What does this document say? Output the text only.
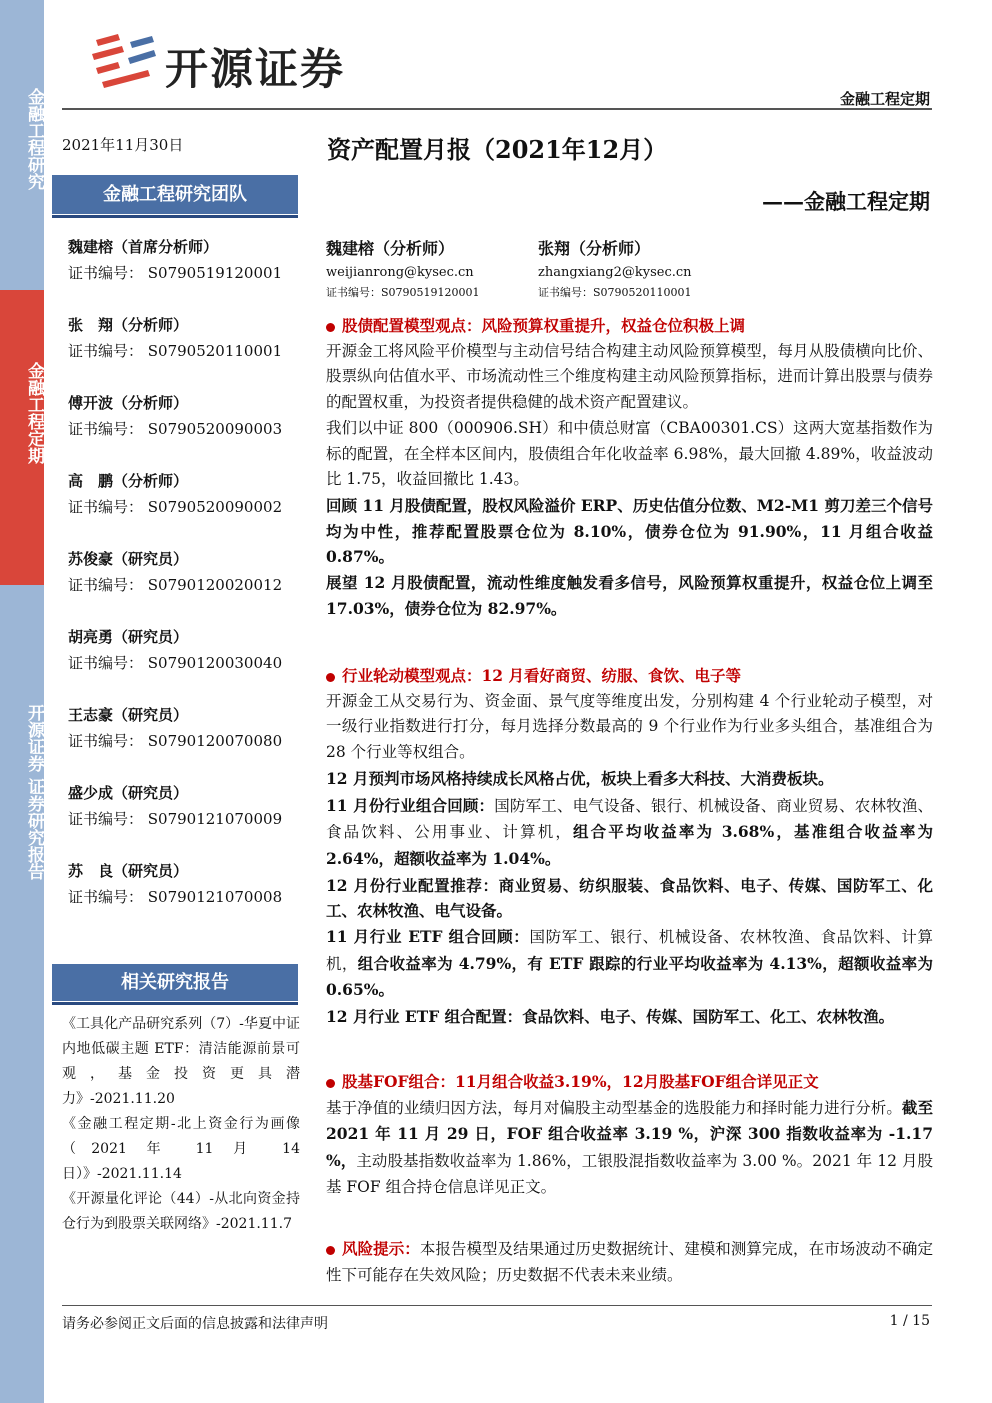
金融工程研究
金融工程定期
开源证券 证券研究报告
开源证券
金融工程定期
2021年11月30日	资产配置月报（2021年12月）
——金融工程定期
金融工程研究团队
魏建榕（首席分析师）
证书编号： S0790519120001
张　翔（分析师）
证书编号： S0790520110001
傅开波（分析师）
证书编号： S0790520090003
高　鹏（分析师）
证书编号： S0790520090002
苏俊豪（研究员）
证书编号： S0790120020012
胡亮勇（研究员）
证书编号： S0790120030040
王志豪（研究员）
证书编号： S0790120070080
盛少成（研究员）
证书编号： S0790121070009
苏　良（研究员）
证书编号： S0790121070008
相关研究报告
《工具化产品研究系列（7）-华夏中证内地低碳主题 ETF：清洁能源前景可观，基金投资更具潜力》-2021.11.20
《金融工程定期-北上资金行为画像（2021 年 11 月 14 日）》-2021.11.14
《开源量化评论（44）-从北向资金持仓行为到股票关联网络》-2021.11.7
魏建榕（分析师）
weijianrong@kysec.cn
证书编号：S0790519120001
张翔（分析师）
zhangxiang2@kysec.cn
证书编号：S0790520110001
股债配置模型观点：风险预算权重提升，权益仓位积极上调
开源金工将风险平价模型与主动信号结合构建主动风险预算模型，每月从股债横向比价、股票纵向估值水平、市场流动性三个维度构建主动风险预算指标，进而计算出股票与债券的配置权重，为投资者提供稳健的战术资产配置建议。
我们以中证 800（000906.SH）和中债总财富（CBA00301.CS）这两大宽基指数作为标的配置，在全样本区间内，股债组合年化收益率 6.98%，最大回撤 4.89%，收益波动比 1.75，收益回撤比 1.43。
回顾 11 月股债配置，股权风险溢价 ERP、历史估值分位数、M2-M1 剪刀差三个信号均为中性，推荐配置股票仓位为 8.10%，债券仓位为 91.90%，11 月组合收益 0.87%。
展望 12 月股债配置，流动性维度触发看多信号，风险预算权重提升，权益仓位上调至 17.03%，债券仓位为 82.97%。
行业轮动模型观点：12 月看好商贸、纺服、食饮、电子等
开源金工从交易行为、资金面、景气度等维度出发，分别构建 4 个行业轮动子模型，对一级行业指数进行打分，每月选择分数最高的 9 个行业作为行业多头组合，基准组合为 28 个行业等权组合。
12 月预判市场风格持续成长风格占优，板块上看多大科技、大消费板块。
11 月份行业组合回顾：国防军工、电气设备、银行、机械设备、商业贸易、农林牧渔、食品饮料、公用事业、计算机，组合平均收益率为 3.68%，基准组合收益率为 2.64%，超额收益率为 1.04%。
12 月份行业配置推荐：商业贸易、纺织服装、食品饮料、电子、传媒、国防军工、化工、农林牧渔、电气设备。
11 月行业 ETF 组合回顾：国防军工、银行、机械设备、农林牧渔、食品饮料、计算机，组合收益率为 4.79%，有 ETF 跟踪的行业平均收益率为 4.13%，超额收益率为 0.65%。
12 月行业 ETF 组合配置：食品饮料、电子、传媒、国防军工、化工、农林牧渔。
股基FOF组合：11月组合收益3.19%，12月股基FOF组合详见正文
基于净值的业绩归因方法，每月对偏股主动型基金的选股能力和择时能力进行分析。截至 2021 年 11 月 29 日，FOF 组合收益率 3.19 %，沪深 300 指数收益率为 -1.17 %，主动股基指数收益率为 1.86%，工银股混指数收益率为 3.00 %。2021 年 12 月股基 FOF 组合持仓信息详见正文。
风险提示：本报告模型及结果通过历史数据统计、建模和测算完成，在市场波动不确定性下可能存在失效风险；历史数据不代表未来业绩。
请务必参阅正文后面的信息披露和法律声明	1 / 15
